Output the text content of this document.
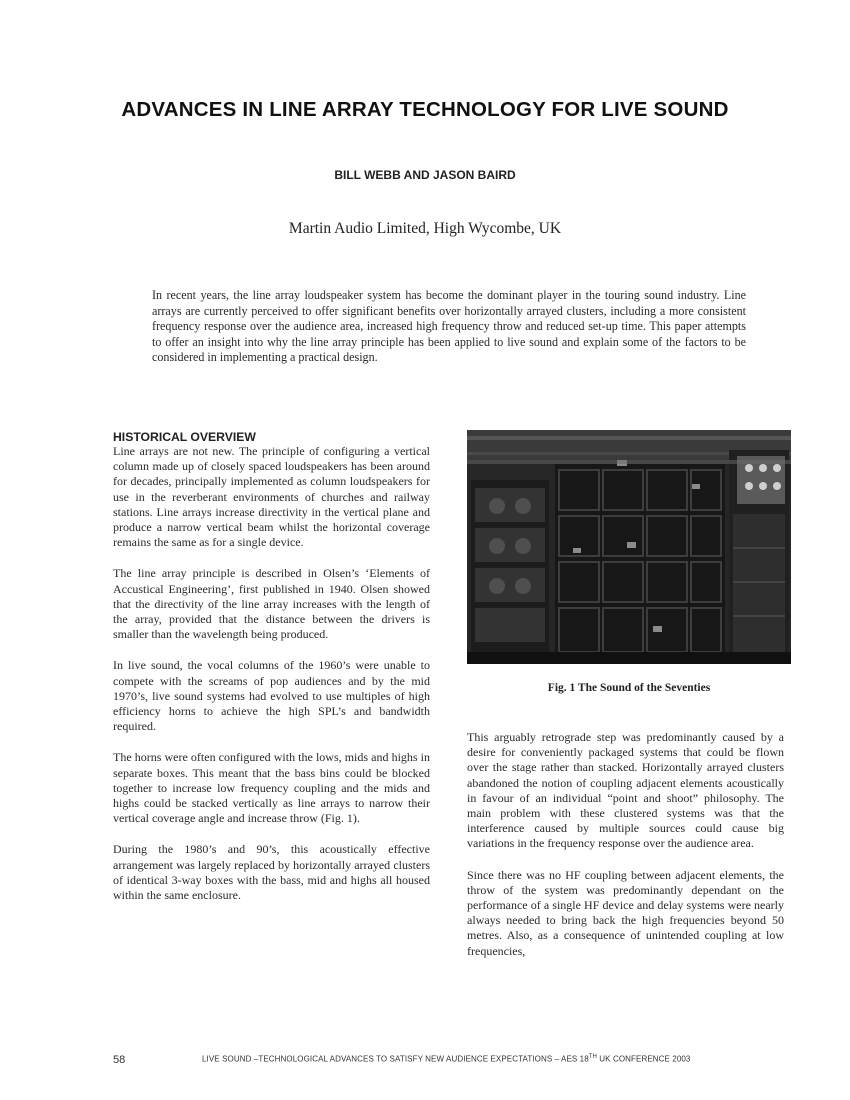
ADVANCES IN LINE ARRAY TECHNOLOGY FOR LIVE SOUND
BILL WEBB AND JASON BAIRD
Martin Audio Limited, High Wycombe, UK
In recent years, the line array loudspeaker system has become the dominant player in the touring sound industry. Line arrays are currently perceived to offer significant benefits over horizontally arrayed clusters, including a more consistent frequency response over the audience area, increased high frequency throw and reduced set-up time. This paper attempts to offer an insight into why the line array principle has been applied to live sound and explain some of the factors to be considered in implementing a practical design.
HISTORICAL OVERVIEW

Line arrays are not new. The principle of configuring a vertical column made up of closely spaced loudspeakers has been around for decades, principally implemented as column loudspeakers for use in the reverberant environments of churches and railway stations. Line arrays increase directivity in the vertical plane and produce a narrow vertical beam whilst the horizontal coverage remains the same as for a single device.

The line array principle is described in Olsen’s ‘Elements of Accustical Engineering’, first published in 1940. Olsen showed that the directivity of the line array increases with the length of the array, provided that the distance between the drivers is smaller than the wavelength being produced.

In live sound, the vocal columns of the 1960’s were unable to compete with the screams of pop audiences and by the mid 1970’s, live sound systems had evolved to use multiples of high efficiency horns to achieve the high SPL’s and bandwidth required.

The horns were often configured with the lows, mids and highs in separate boxes. This meant that the bass bins could be blocked together to increase low frequency coupling and the mids and highs could be stacked vertically as line arrays to narrow their vertical coverage angle and increase throw (Fig. 1).

During the 1980’s and 90’s, this acoustically effective arrangement was largely replaced by horizontally arrayed clusters of identical 3-way boxes with the bass, mid and highs all housed within the same enclosure.

Fig. 1 The Sound of the Seventies

This arguably retrograde step was predominantly caused by a desire for conveniently packaged systems that could be flown over the stage rather than stacked. Horizontally arrayed clusters abandoned the notion of coupling adjacent elements acoustically in favour of an individual “point and shoot” philosophy. The main problem with these clustered systems was that the interference caused by multiple sources could cause big variations in the frequency response over the audience area.

Since there was no HF coupling between adjacent elements, the throw of the system was predominantly dependant on the performance of a single HF device and delay systems were nearly always needed to bring back the high frequencies beyond 50 metres. Also, as a consequence of unintended coupling at low frequencies,

58	LIVE SOUND –TECHNOLOGICAL ADVANCES TO SATISFY NEW AUDIENCE EXPECTATIONS – AES 18TH UK CONFERENCE 2003
